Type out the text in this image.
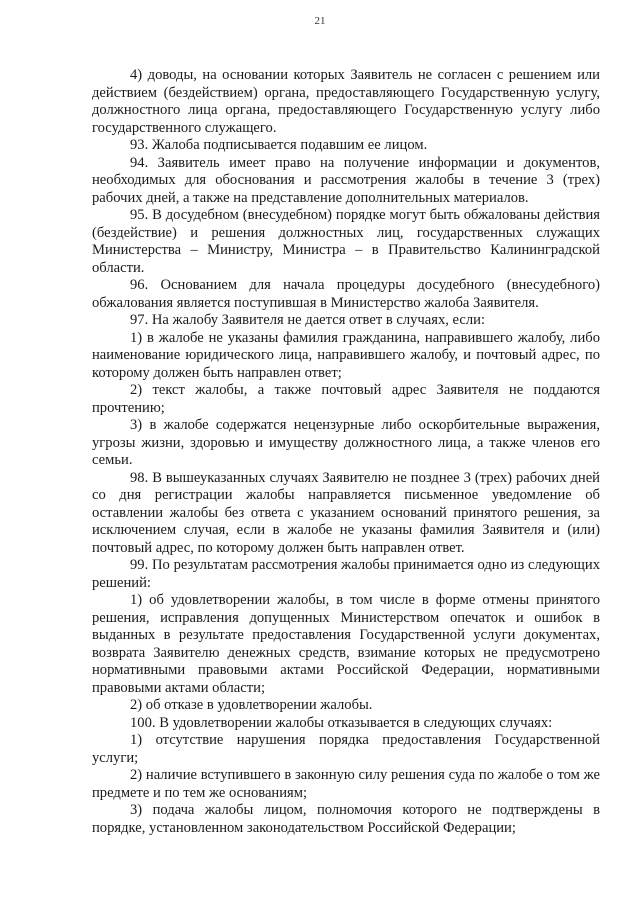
21

4) доводы, на основании которых Заявитель не согласен с решением или действием (бездействием) органа, предоставляющего Государственную услугу, должностного лица органа, предоставляющего Государственную услугу либо государственного служащего.

93. Жалоба подписывается подавшим ее лицом.

94. Заявитель имеет право на получение информации и документов, необходимых для обоснования и рассмотрения жалобы в течение 3 (трех) рабочих дней, а также на представление дополнительных материалов.

95. В досудебном (внесудебном) порядке могут быть обжалованы действия (бездействие) и решения должностных лиц, государственных служащих Министерства – Министру, Министра – в Правительство Калининградской области.

96. Основанием для начала процедуры досудебного (внесудебного) обжалования является поступившая в Министерство жалоба Заявителя.

97. На жалобу Заявителя не дается ответ в случаях, если:

1) в жалобе не указаны фамилия гражданина, направившего жалобу, либо наименование юридического лица, направившего жалобу, и почтовый адрес, по которому должен быть направлен ответ;

2) текст жалобы, а также почтовый адрес Заявителя не поддаются прочтению;

3) в жалобе содержатся нецензурные либо оскорбительные выражения, угрозы жизни, здоровью и имуществу должностного лица, а также членов его семьи.

98. В вышеуказанных случаях Заявителю не позднее 3 (трех) рабочих дней со дня регистрации жалобы направляется письменное уведомление об оставлении жалобы без ответа с указанием оснований принятого решения, за исключением случая, если в жалобе не указаны фамилия Заявителя и (или) почтовый адрес, по которому должен быть направлен ответ.

99. По результатам рассмотрения жалобы принимается одно из следующих решений:

1) об удовлетворении жалобы, в том числе в форме отмены принятого решения, исправления допущенных Министерством опечаток и ошибок в выданных в результате предоставления Государственной услуги документах, возврата Заявителю денежных средств, взимание которых не предусмотрено нормативными правовыми актами Российской Федерации, нормативными правовыми актами области;

2) об отказе в удовлетворении жалобы.

100. В удовлетворении жалобы отказывается в следующих случаях:

1) отсутствие нарушения порядка предоставления Государственной услуги;

2) наличие вступившего в законную силу решения суда по жалобе о том же предмете и по тем же основаниям;

3) подача жалобы лицом, полномочия которого не подтверждены в порядке, установленном законодательством Российской Федерации;
